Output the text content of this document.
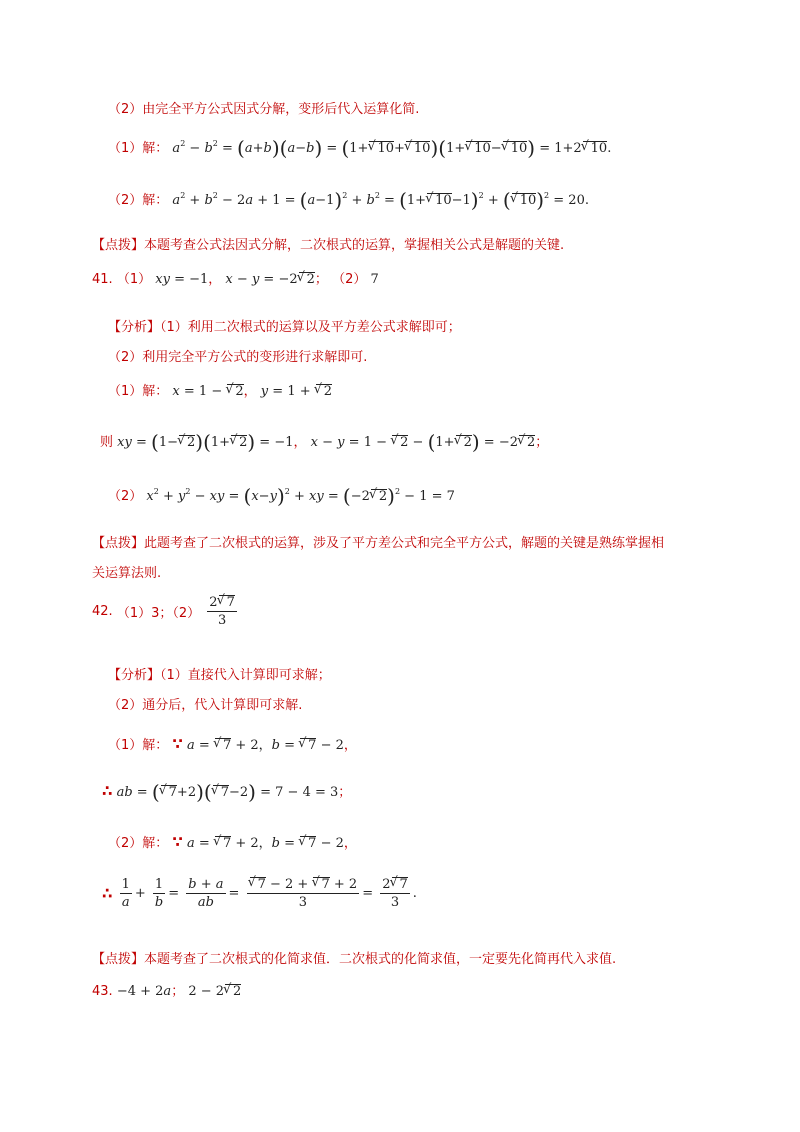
（2）由完全平方公式因式分解，变形后代入运算化简.
（1）解： $a^2 - b^2 = (a+b)(a-b) = (1+√$ 10+√ 10)(1+√ 10−√ 10) = 1+2√ 10.
（2）解： $a^2 + b^2 - 2a + 1 = (a-1)^2 + b^2 = (1+√$ 10−1)$^2$ + (√ 10)$^2$ = 20.
【点拨】本题考查公式法因式分解，二次根式的运算，掌握相关公式是解题的关键.
41. （1） xy = −1， x − y = −2√ 2； （2） 7
【分析】（1）利用二次根式的运算以及平方差公式求解即可；
（2）利用完全平方公式的变形进行求解即可.
（1）解： x = 1 − √ 2， y = 1 + √ 2
则 xy = (1−√ 2)(1+√ 2) = −1， x − y = 1 − √ 2 − (1+√ 2) = −2√ 2；
（2） $x^2 + y^2$ − xy = $(x-y)^2$ + xy = (−2√ 2)$^2$ − 1 = 7
【点拨】此题考查了二次根式的运算，涉及了平方差公式和完全平方公式，解题的关键是熟练掌握相
关运算法则.
42. （1）3；$(2) \frac{2√ 7}{3}$
【分析】（1）直接代入计算即可求解；
（2）通分后，代入计算即可求解.
（1）解： ∵ a = √ 7 + 2，b = √ 7 − 2，
∴ ab = (√ 7+2)(√ 7−2) = 7 − 4 = 3；
（2）解： ∵ a = √ 7 + 2，b = √ 7 − 2，
∴ $\frac{1}{a} + \frac{1}{b} = \frac{b + a}{ab}$ =
√ $\frac{7 - 2 + √ 7 + 2}{3} = \frac{2√ 7}{3}$ .
【点拨】本题考查了二次根式的化简求值．二次根式的化简求值，一定要先化简再代入求值.
43. −4 + 2a； 2 − 2√ 2
